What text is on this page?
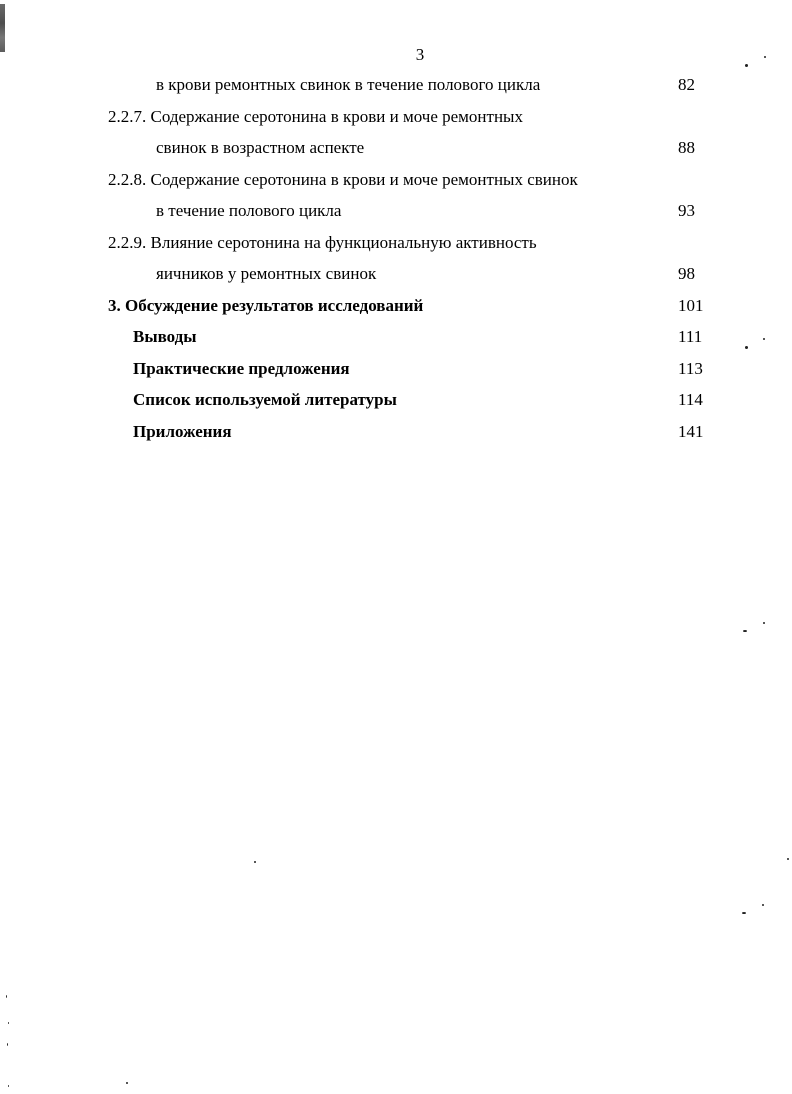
3
в крови ремонтных свинок в течение полового цикла	82
2.2.7. Содержание серотонина в крови и моче ремонтных
свинок в возрастном аспекте	88
2.2.8. Содержание серотонина в крови и моче ремонтных свинок
в течение полового цикла	93
2.2.9. Влияние серотонина на функциональную активность
яичников у ремонтных свинок	98
3. Обсуждение результатов исследований	101
Выводы	111
Практические предложения	113
Список используемой литературы	114
Приложения	141
